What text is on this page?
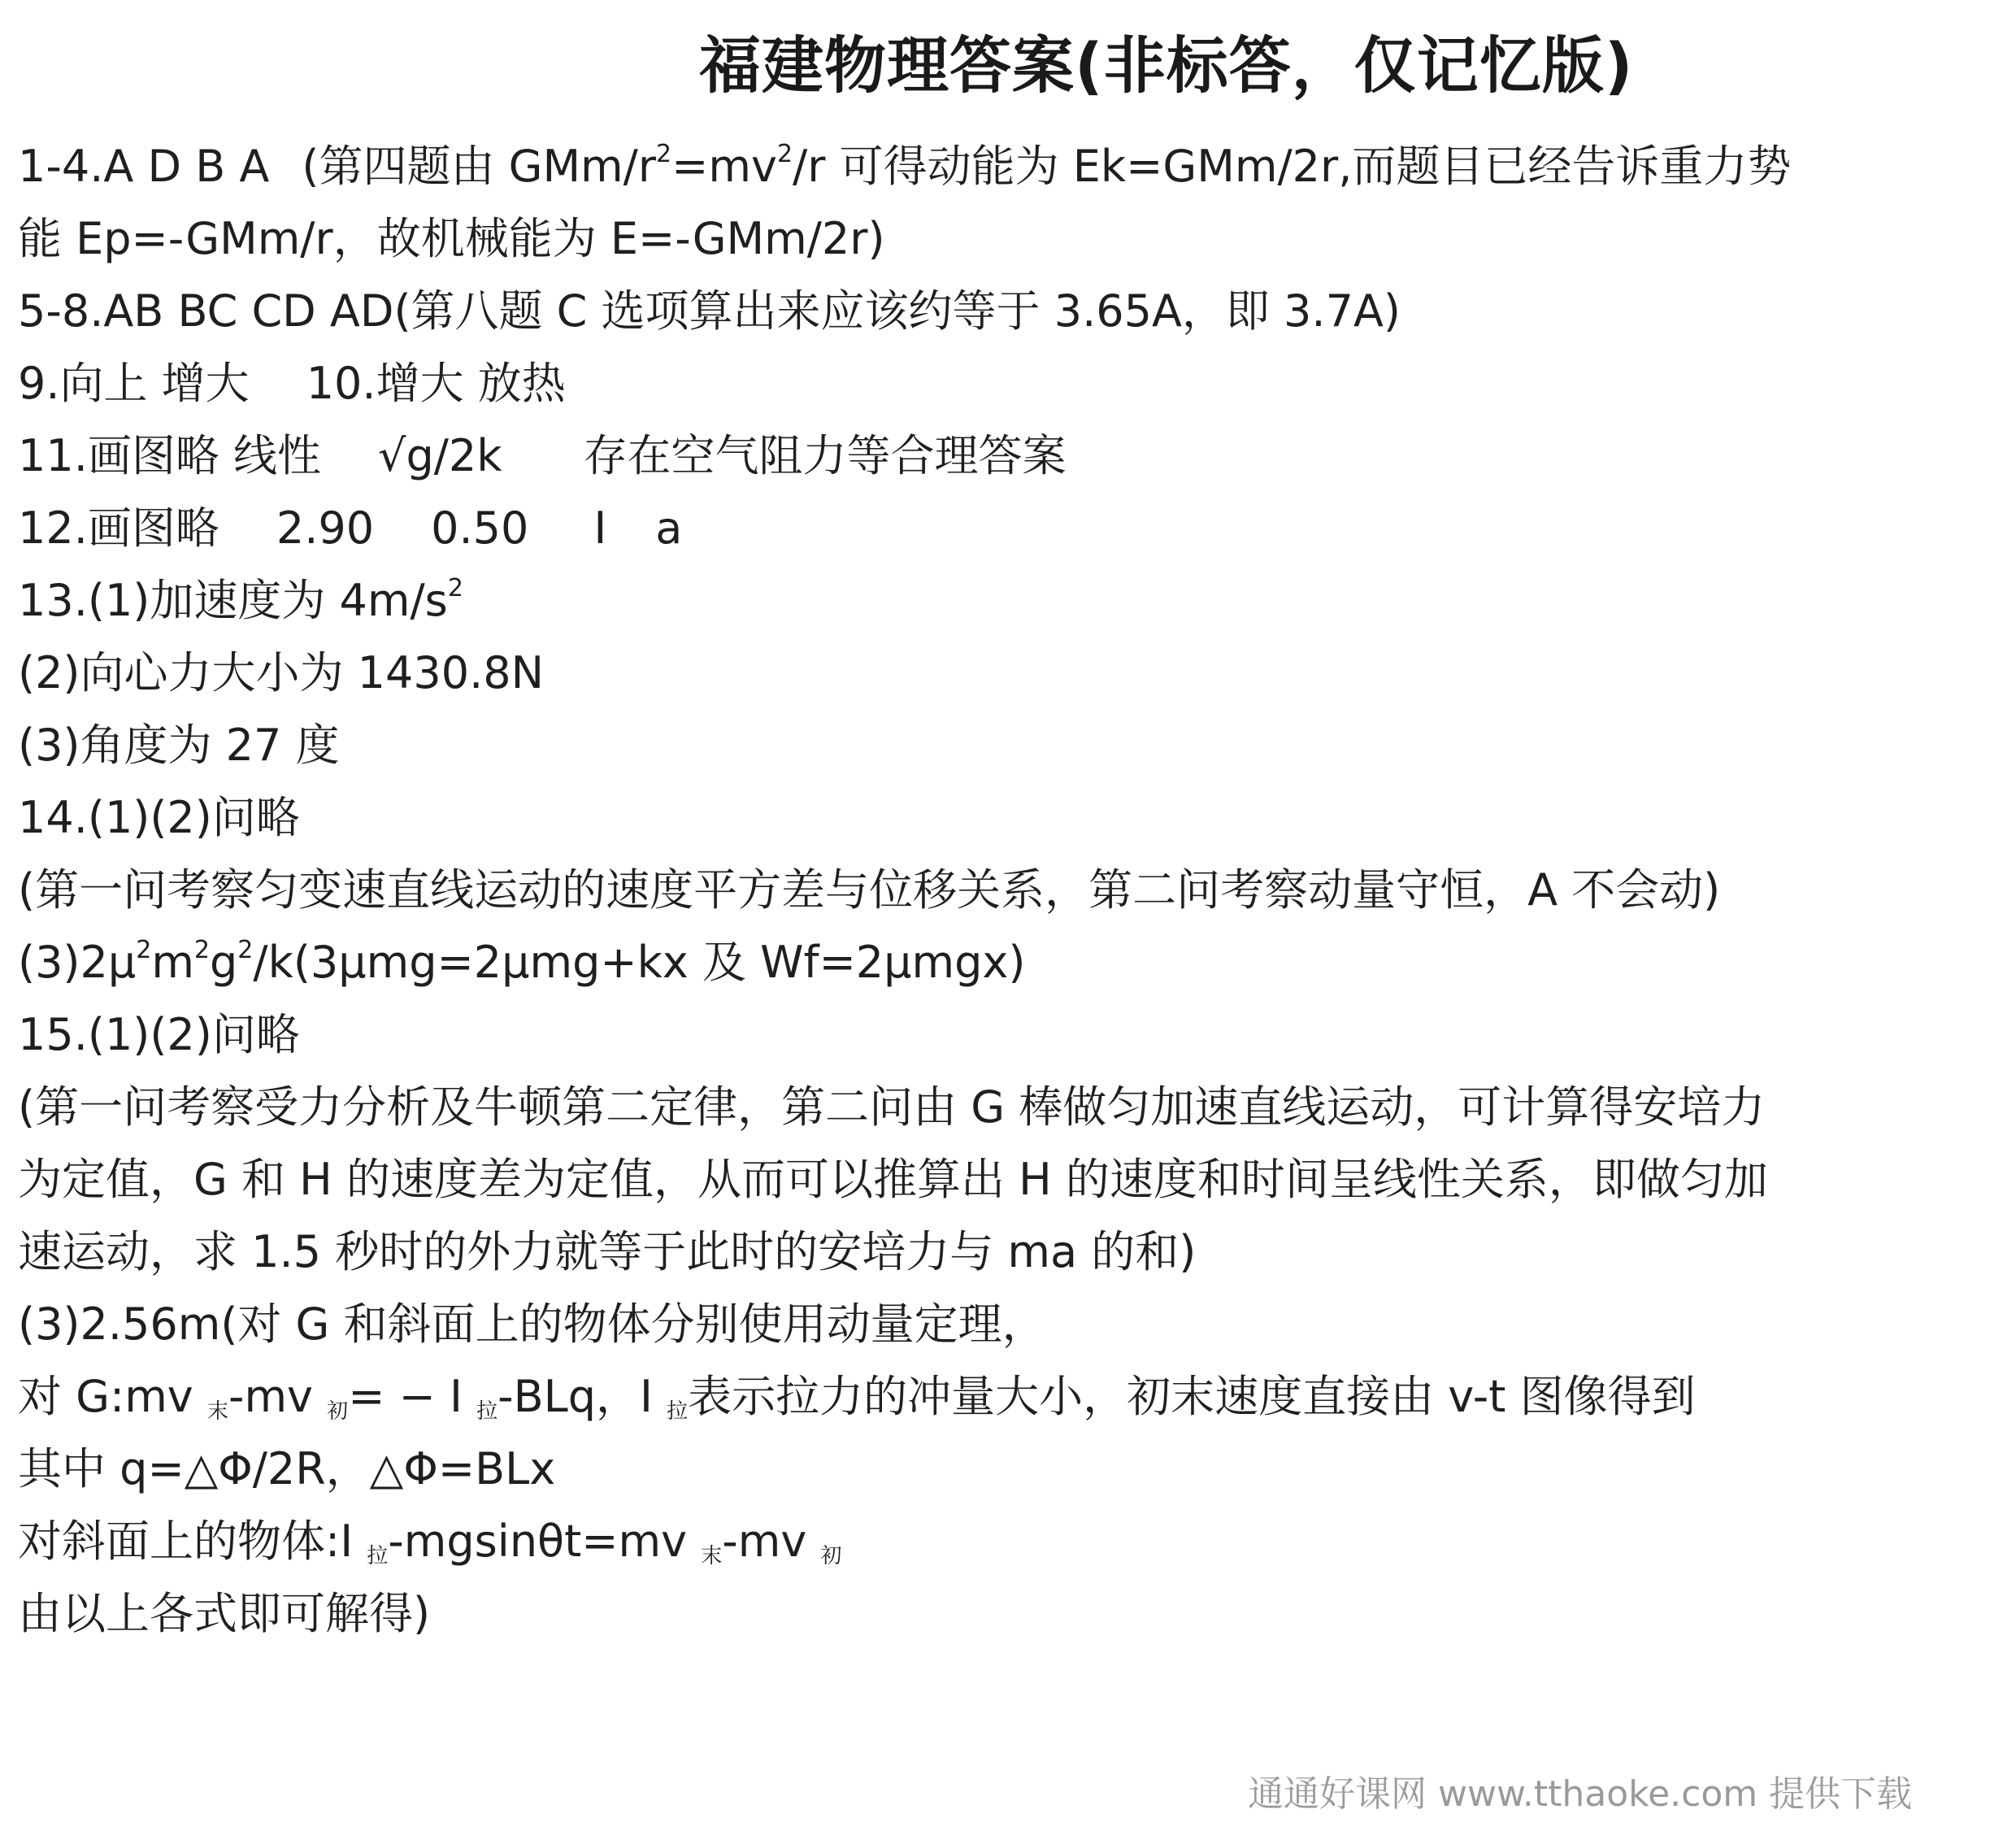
福建物理答案(非标答，仅记忆版)
1-4.A D B A (第四题由 GMm/$r^2=mv^2/r$ 可得动能为 Ek=GMm/2r,而题目已经告诉重力势
能 Ep=-GMm/r，故机械能为 E=-GMm/2r)
5-8.AB BC CD AD(第八题 C 选项算出来应该约等于 3.65A，即 3.7A)
9.向上 增大 10.增大 放热
11.画图略 线性 √g/2k 存在空气阻力等合理答案
12.画图略 2.90 0.50 I a
13.(1)加速度为 $4m/s^2$
(2)向心力大小为 1430.8N
(3)角度为 27 度
14.(1)(2)问略
(第一问考察匀变速直线运动的速度平方差与位移关系，第二问考察动量守恒，A 不会动)
$(3)2\mu^2m^2g^2/k(3\mu mg=2\mu mg+kx$ 及 Wf=2μmgx)
15.(1)(2)问略
(第一问考察受力分析及牛顿第二定律，第二问由 G 棒做匀加速直线运动，可计算得安培力
为定值，G 和 H 的速度差为定值，从而可以推算出 H 的速度和时间呈线性关系，即做匀加
速运动，求 1.5 秒时的外力就等于此时的安培力与 ma 的和)
(3)2.56m(对 G 和斜面上的物体分别使用动量定理，
对 G:mv $_末$-mv $_初$= − I $_拉$-BLq，I $_拉$表示拉力的冲量大小，初末速度直接由 v-t 图像得到
其中 q=△Φ/2R，△Φ=BLx
对斜面上的物体:I $_拉$-mgsinθt=mv $_末$-mv $_初$
由以上各式即可解得)
通通好课网 www.tthaoke.com 提供下载
